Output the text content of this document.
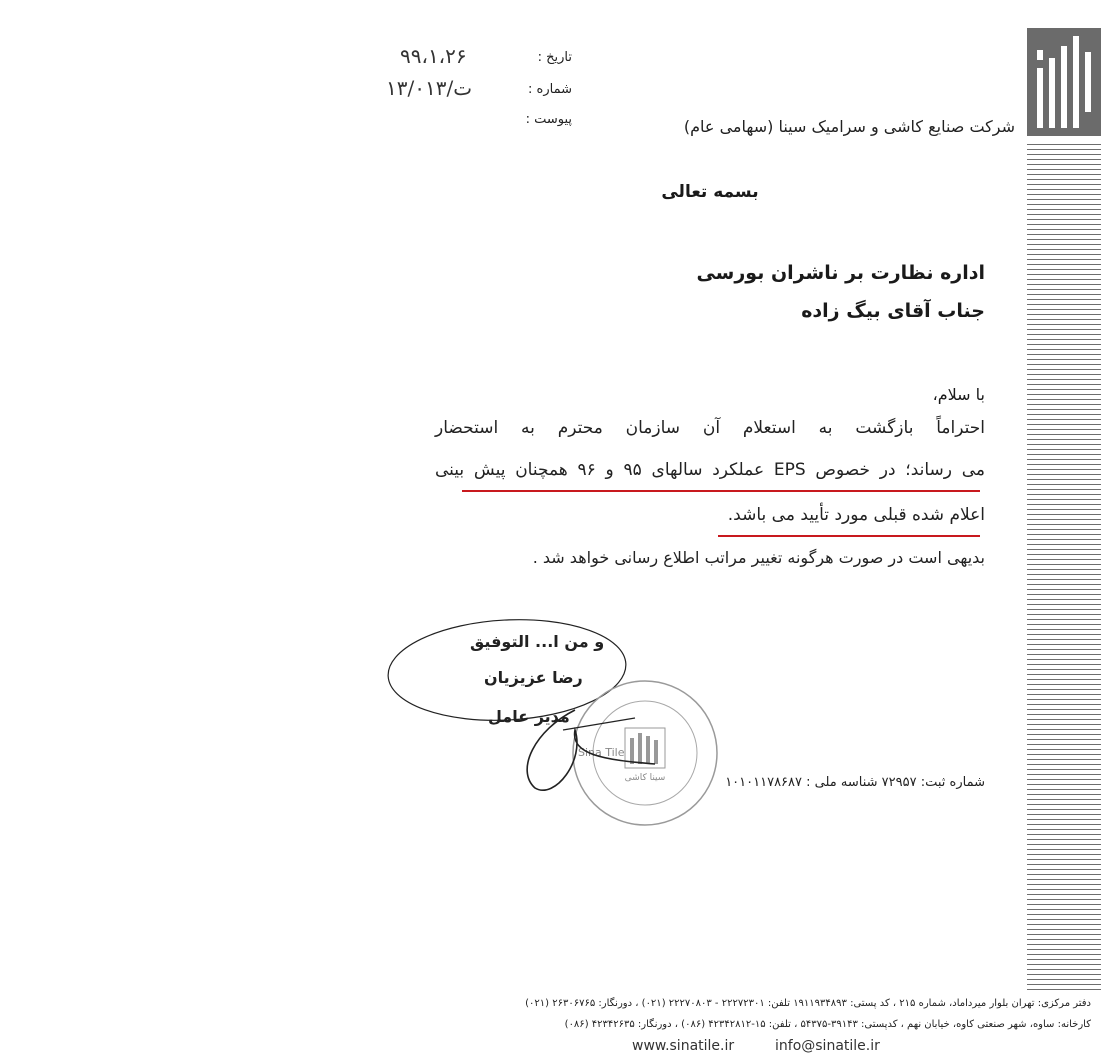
تاریخ :
۹۹،۱،۲۶
شماره :
ت/۱۳/۰۱۳
پیوست :	شرکت صنایع کاشی و سرامیک سینا (سهامی عام)
بسمه تعالی
اداره نظارت بر ناشران بورسی
جناب آقای بیگ زاده
با سلام،
احتراماً بازگشت به استعلام آن سازمان محترم به استحضار
می رساند؛ در خصوص EPS عملکرد سالهای ۹۵ و ۹۶ همچنان پیش بینی
اعلام شده قبلی مورد تأیید می باشد.
بدیهی است در صورت هرگونه تغییر مراتب اطلاع رسانی خواهد شد .
Sina Tile
سینا کاشی
و من ا... التوفیق
رضا عزیزیان
مدیر عامل
شماره ثبت: ۷۲۹۵۷ شناسه ملی : ۱۰۱۰۱۱۷۸۶۸۷
دفتر مرکزی: تهران بلوار میرداماد، شماره ۲۱۵ ، کد پستی: ۱۹۱۱۹۳۴۸۹۳ تلفن: ۲۲۲۷۲۳۰۱ - ۲۲۲۷۰۸۰۳ (۰۲۱) ، دورنگار: ۲۶۳۰۶۷۶۵ (۰۲۱)
کارخانه: ساوه، شهر صنعتی کاوه، خیابان نهم ، کدپستی: ۳۹۱۴۳-۵۴۳۷۵ ، تلفن: ۱۵-۴۲۳۴۲۸۱۲ (۰۸۶) ، دورنگار: ۴۲۳۴۲۶۳۵ (۰۸۶)
www.sinatile.ir	info@sinatile.ir
